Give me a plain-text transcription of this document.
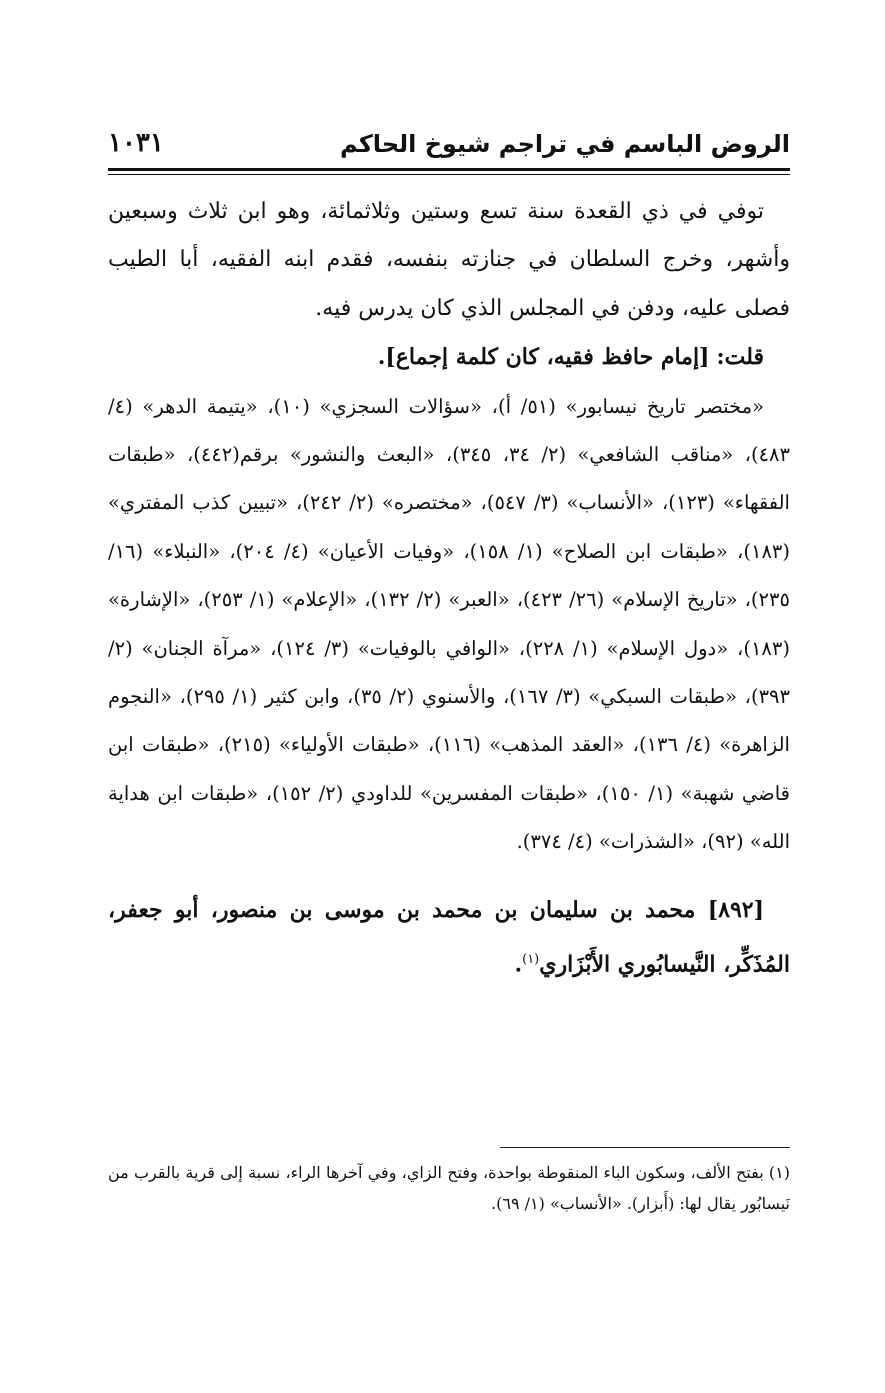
الروض الباسم في تراجم شيوخ الحاكم
١٠٣١

توفي في ذي القعدة سنة تسع وستين وثلاثمائة، وهو ابن ثلاث وسبعين وأشهر، وخرج السلطان في جنازته بنفسه، فقدم ابنه الفقيه، أبا الطيب فصلى عليه، ودفن في المجلس الذي كان يدرس فيه.

قلت: [إمام حافظ فقيه، كان كلمة إجماع].

«مختصر تاريخ نيسابور» (٥١/ أ)، «سؤالات السجزي» (١٠)، «يتيمة الدهر» (٤/ ٤٨٣)، «مناقب الشافعي» (٢/ ٣٤، ٣٤٥)، «البعث والنشور» برقم(٤٤٢)، «طبقات الفقهاء» (١٢٣)، «الأنساب» (٣/ ٥٤٧)، «مختصره» (٢/ ٢٤٢)، «تبيين كذب المفتري» (١٨٣)، «طبقات ابن الصلاح» (١/ ١٥٨)، «وفيات الأعيان» (٤/ ٢٠٤)، «النبلاء» (١٦/ ٢٣٥)، «تاريخ الإسلام» (٢٦/ ٤٢٣)، «العبر» (٢/ ١٣٢)، «الإعلام» (١/ ٢٥٣)، «الإشارة» (١٨٣)، «دول الإسلام» (١/ ٢٢٨)، «الوافي بالوفيات» (٣/ ١٢٤)، «مرآة الجنان» (٢/ ٣٩٣)، «طبقات السبكي» (٣/ ١٦٧)، والأسنوي (٢/ ٣٥)، وابن كثير (١/ ٢٩٥)، «النجوم الزاهرة» (٤/ ١٣٦)، «العقد المذهب» (١١٦)، «طبقات الأولياء» (٢١٥)، «طبقات ابن قاضي شهبة» (١/ ١٥٠)، «طبقات المفسرين» للداودي (٢/ ١٥٢)، «طبقات ابن هداية الله» (٩٢)، «الشذرات» (٤/ ٣٧٤).

[٨٩٢] محمد بن سليمان بن محمد بن موسى بن منصور، أبو جعفر، المُذَكِّر، النَّيسابُوري الأَبْزَاري$^{(١)}$.

(١) بفتح الألف، وسكون الباء المنقوطة بواحدة، وفتح الزاي، وفي آخرها الراء، نسبة إلى قرية بالقرب من نَيسابُور يقال لها: (أَبزار). «الأنساب» (١/ ٦٩).
